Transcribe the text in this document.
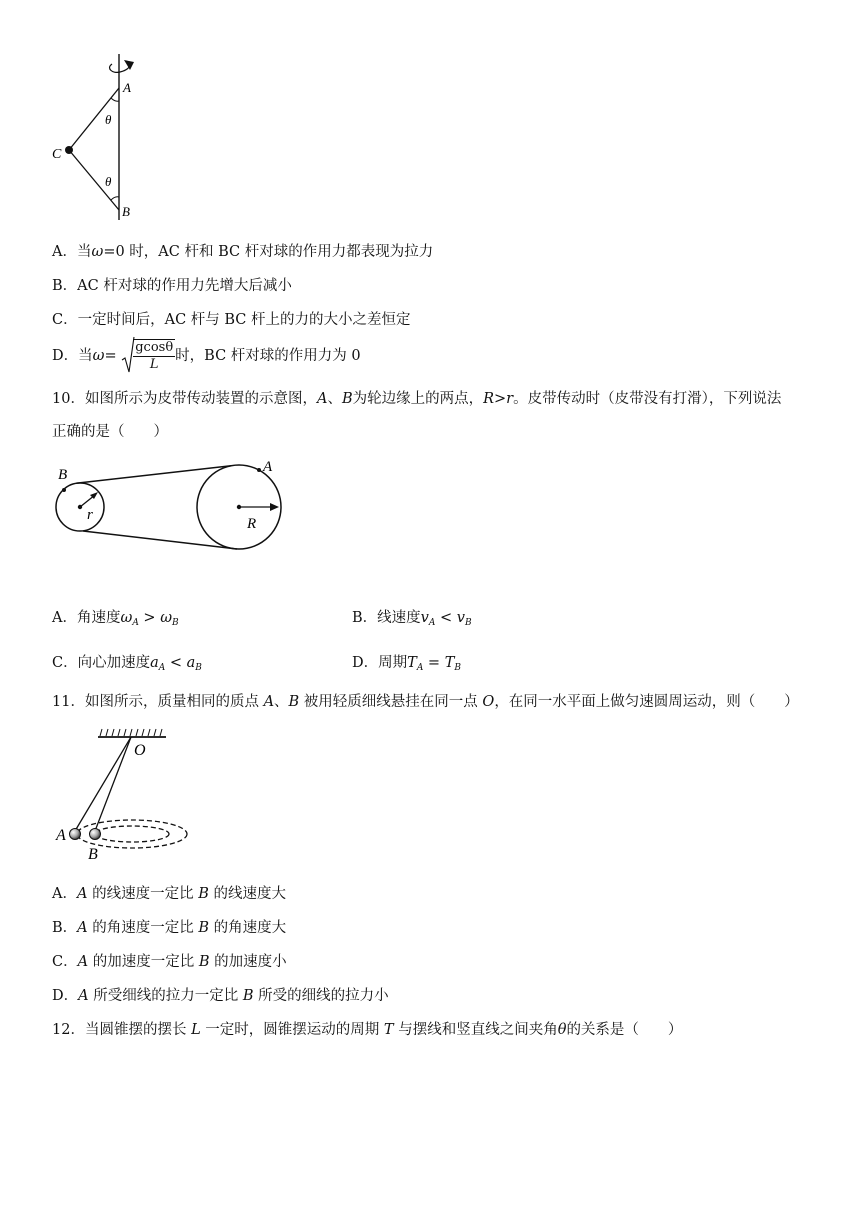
A
θ
C
θ
B
A．当ω=0 时，AC 杆和 BC 杆对球的作用力都表现为拉力
B．AC 杆对球的作用力先增大后减小
C．一定时间后，AC 杆与 BC 杆上的力的大小之差恒定
D．当$\omega= \frac{gcos\theta}{L}$ 时，BC 杆对球的作用力为 0
10．如图所示为皮带传动装置的示意图，A、B为轮边缘上的两点，R>r。皮带传动时（皮带没有打滑），下列说法
正确的是（　　）
B	A
r
R
A．角速度$\omega_A > \omega_B$	B．线速度$v_A < v_B$
C．向心加速度$a_A < a_B$	D．周期$T_A = T_B$
11．如图所示，质量相同的质点 A、B 被用轻质细线悬挂在同一点 O，在同一水平面上做匀速圆周运动，则（　　）
O
A
B
A．A 的线速度一定比 B 的线速度大
B．A 的角速度一定比 B 的角速度大
C．A 的加速度一定比 B 的加速度小
D．A 所受细线的拉力一定比 B 所受的细线的拉力小
12．当圆锥摆的摆长 L 一定时，圆锥摆运动的周期 T 与摆线和竖直线之间夹角θ的关系是（　　）
